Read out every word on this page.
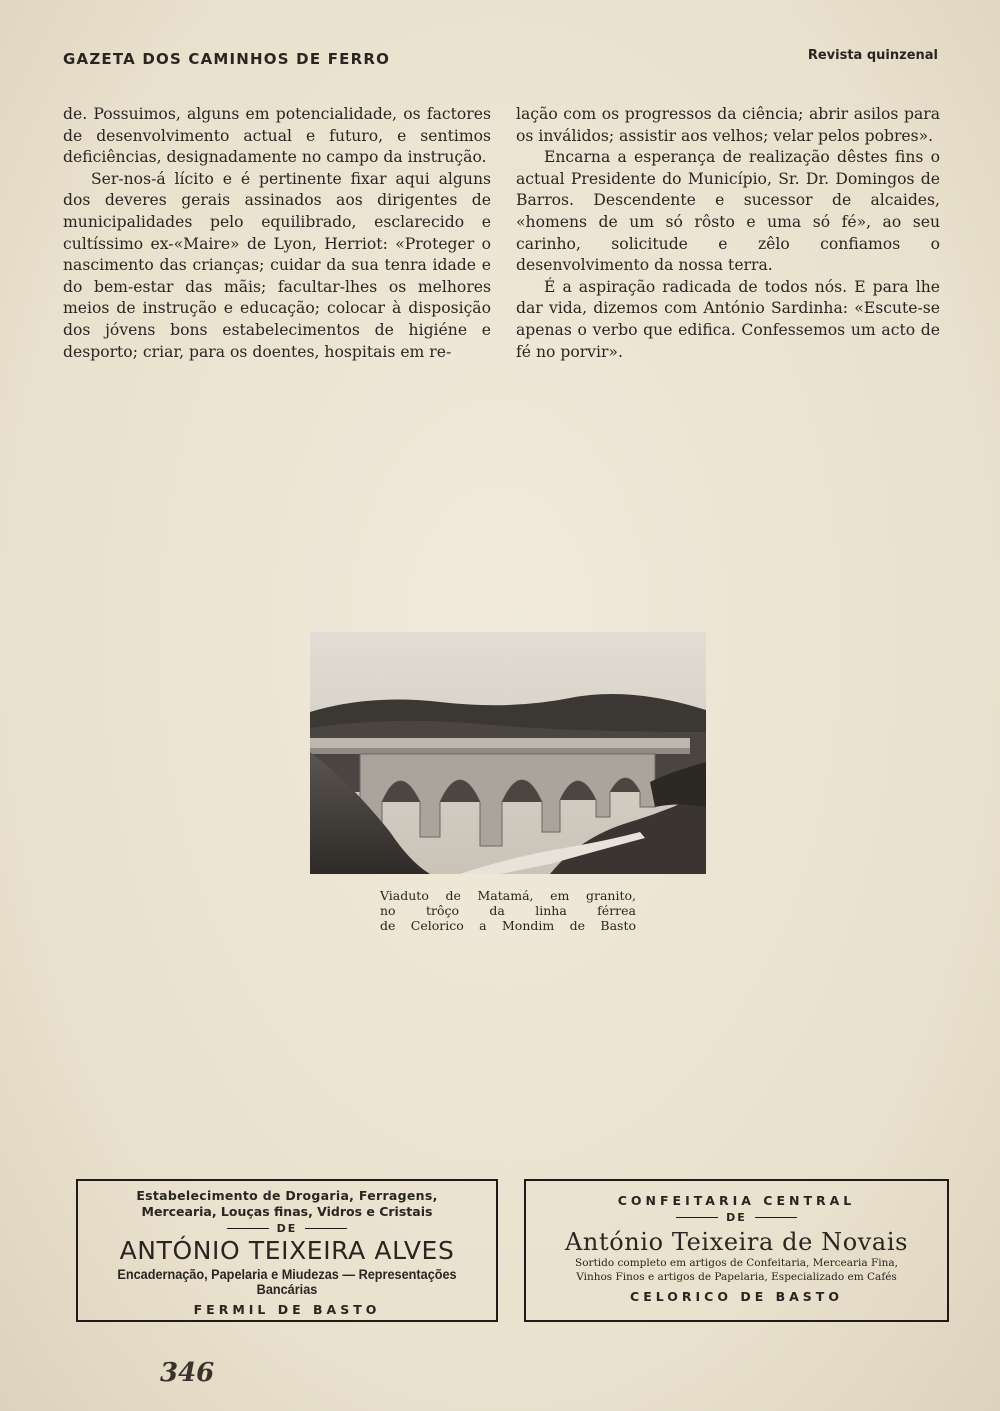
GAZETA DOS CAMINHOS DE FERRO	Revista quinzenal

de. Possuimos, alguns em potencialidade, os factores de desenvolvimento actual e futuro, e sentimos deficiências, designadamente no campo da instrução.

Ser-nos-á lícito e é pertinente fixar aqui alguns dos deveres gerais assinados aos dirigentes de municipalidades pelo equilibrado, esclarecido e cultíssimo ex-«Maire» de Lyon, Herriot: «Proteger o nascimento das crianças; cuidar da sua tenra idade e do bem-estar das mãis; facultar-lhes os melhores meios de instrução e educação; colocar à disposição dos jóvens bons estabelecimentos de higiéne e desporto; criar, para os doentes, hospitais em re-

lação com os progressos da ciência; abrir asilos para os inválidos; assistir aos velhos; velar pelos pobres».

Encarna a esperança de realização dêstes fins o actual Presidente do Município, Sr. Dr. Domingos de Barros. Descendente e sucessor de alcaides, «homens de um só rôsto e uma só fé», ao seu carinho, solicitude e zêlo confiamos o desenvolvimento da nossa terra.

É a aspiração radicada de todos nós. E para lhe dar vida, dizemos com António Sardinha: «Escute-se apenas o verbo que edifica. Confessemos um acto de fé no porvir».

Viaduto de Matamá, em granito,
no trôço da linha férrea
de Celorico a Mondim de Basto
Estabelecimento de Drogaria, Ferragens,
Mercearia, Louças finas, Vidros e Cristais
DE
ANTÓNIO TEIXEIRA ALVES
Encadernação, Papelaria e Miudezas — Representações Bancárias
FERMIL DE BASTO
CONFEITARIA CENTRAL
DE
António Teixeira de Novais
Sortido completo em artigos de Confeitaria, Mercearia Fina,
Vinhos Finos e artigos de Papelaria, Especializado em Cafés
CELORICO DE BASTO
346
